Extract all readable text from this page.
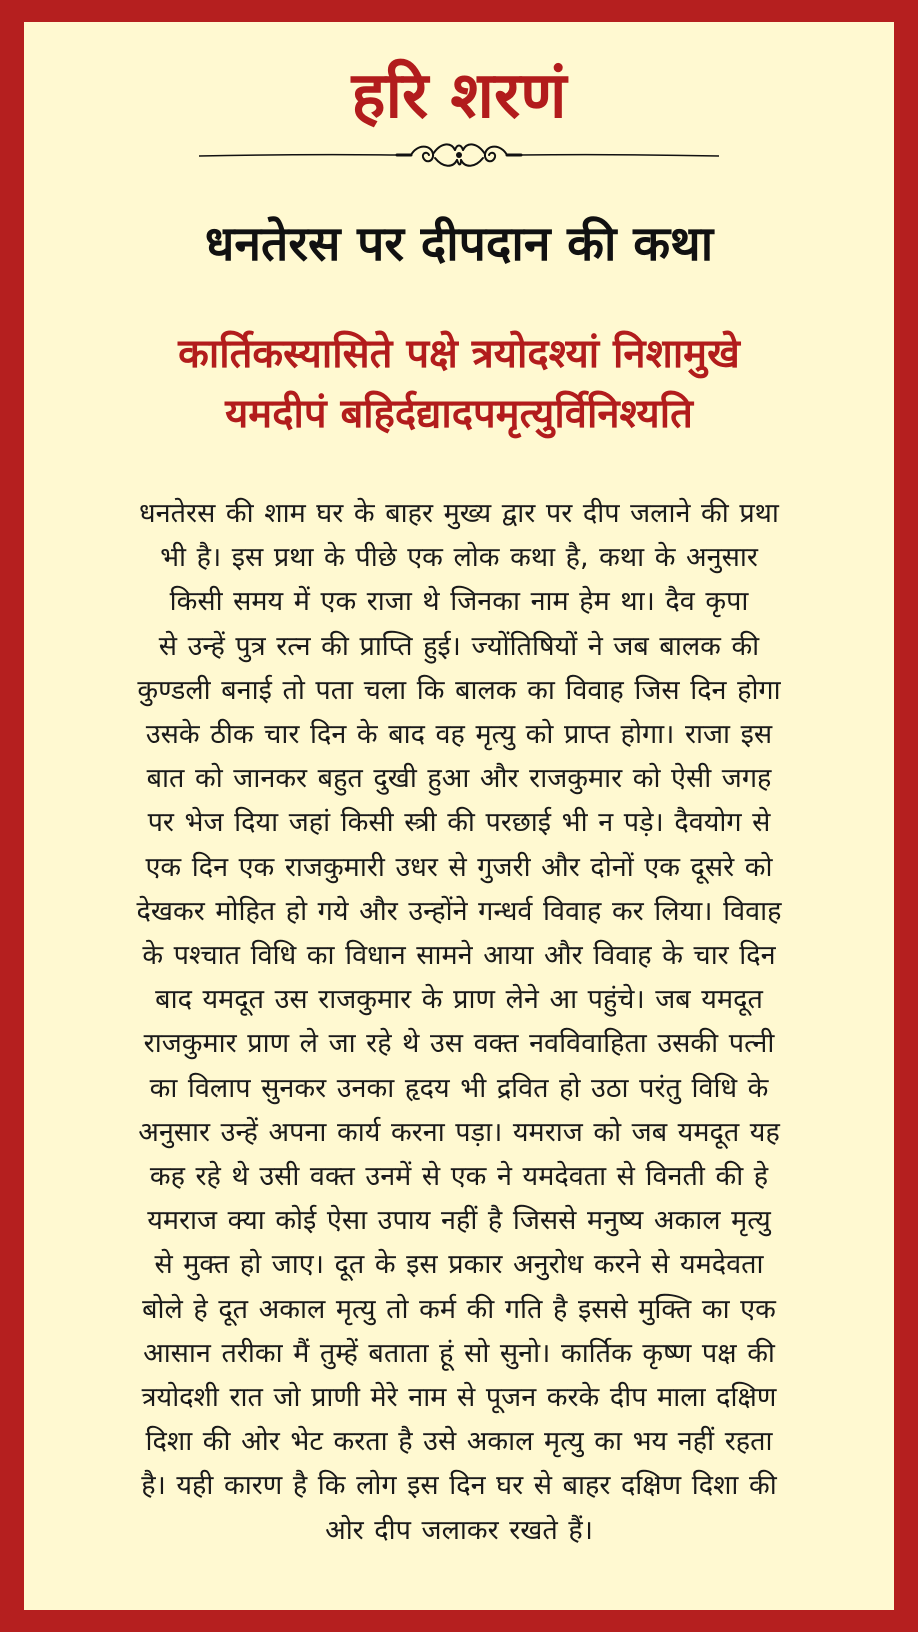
हरि शरणं
धनतेरस पर दीपदान की कथा
कार्तिकस्यासिते पक्षे त्रयोदश्यां निशामुखे
यमदीपं बहिर्दद्यादपमृत्युर्विनिश्यति
धनतेरस की शाम घर के बाहर मुख्य द्वार पर दीप जलाने की प्रथा
भी है। इस प्रथा के पीछे एक लोक कथा है, कथा के अनुसार
किसी समय में एक राजा थे जिनका नाम हेम था। दैव कृपा
से उन्हें पुत्र रत्न की प्राप्ति हुई। ज्योंतिषियों ने जब बालक की
कुण्डली बनाई तो पता चला कि बालक का विवाह जिस दिन होगा
उसके ठीक चार दिन के बाद वह मृत्यु को प्राप्त होगा। राजा इस
बात को जानकर बहुत दुखी हुआ और राजकुमार को ऐसी जगह
पर भेज दिया जहां किसी स्त्री की परछाई भी न पड़े। दैवयोग से
एक दिन एक राजकुमारी उधर से गुजरी और दोनों एक दूसरे को
देखकर मोहित हो गये और उन्होंने गन्धर्व विवाह कर लिया। विवाह
के पश्चात विधि का विधान सामने आया और विवाह के चार दिन
बाद यमदूत उस राजकुमार के प्राण लेने आ पहुंचे। जब यमदूत
राजकुमार प्राण ले जा रहे थे उस वक्त नवविवाहिता उसकी पत्नी
का विलाप सुनकर उनका हृदय भी द्रवित हो उठा परंतु विधि के
अनुसार उन्हें अपना कार्य करना पड़ा। यमराज को जब यमदूत यह
कह रहे थे उसी वक्त उनमें से एक ने यमदेवता से विनती की हे
यमराज क्या कोई ऐसा उपाय नहीं है जिससे मनुष्य अकाल मृत्यु
से मुक्त हो जाए। दूत के इस प्रकार अनुरोध करने से यमदेवता
बोले हे दूत अकाल मृत्यु तो कर्म की गति है इससे मुक्ति का एक
आसान तरीका मैं तुम्हें बताता हूं सो सुनो। कार्तिक कृष्ण पक्ष की
त्रयोदशी रात जो प्राणी मेरे नाम से पूजन करके दीप माला दक्षिण
दिशा की ओर भेट करता है उसे अकाल मृत्यु का भय नहीं रहता
है। यही कारण है कि लोग इस दिन घर से बाहर दक्षिण दिशा की
ओर दीप जलाकर रखते हैं।
